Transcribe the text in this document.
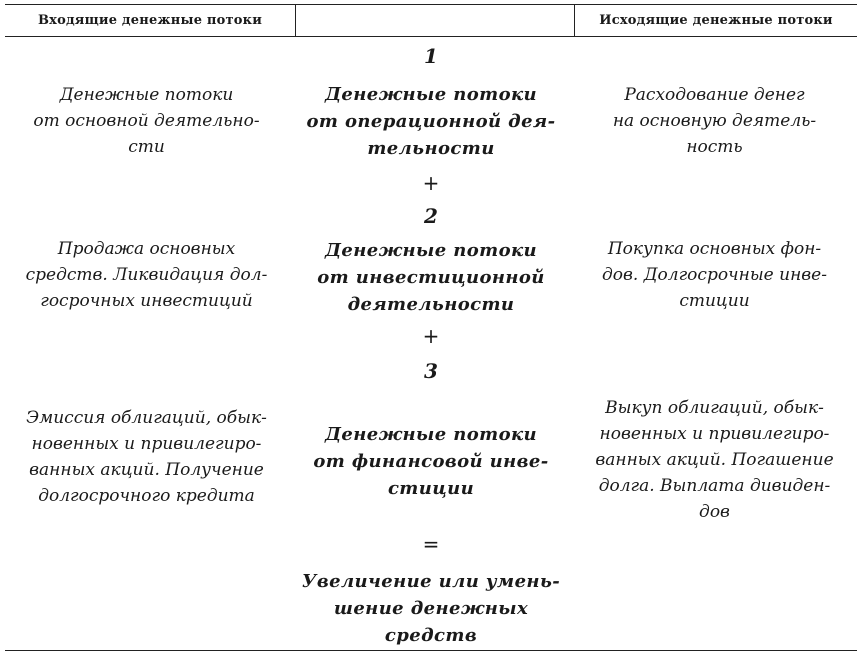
Входящие денежные потоки	Исходящие денежные потоки
1
Денежные потоки
от основной деятельно-
сти
Денежные потоки
от операционной дея-
тельности
Расходование денег
на основную деятель-
ность
+
2
Продажа основных
средств. Ликвидация дол-
госрочных инвестиций
Денежные потоки
от инвестиционной
деятельности
Покупка основных фон-
дов. Долгосрочные инве-
стиции
+
3
Эмиссия облигаций, обык-
новенных и привилегиро-
ванных акций. Получение
долгосрочного кредита
Денежные потоки
от финансовой инве-
стиции
Выкуп облигаций, обык-
новенных и привилегиро-
ванных акций. Погашение
долга. Выплата дивиден-
дов
=
Увеличение или умень-
шение денежных
средств
